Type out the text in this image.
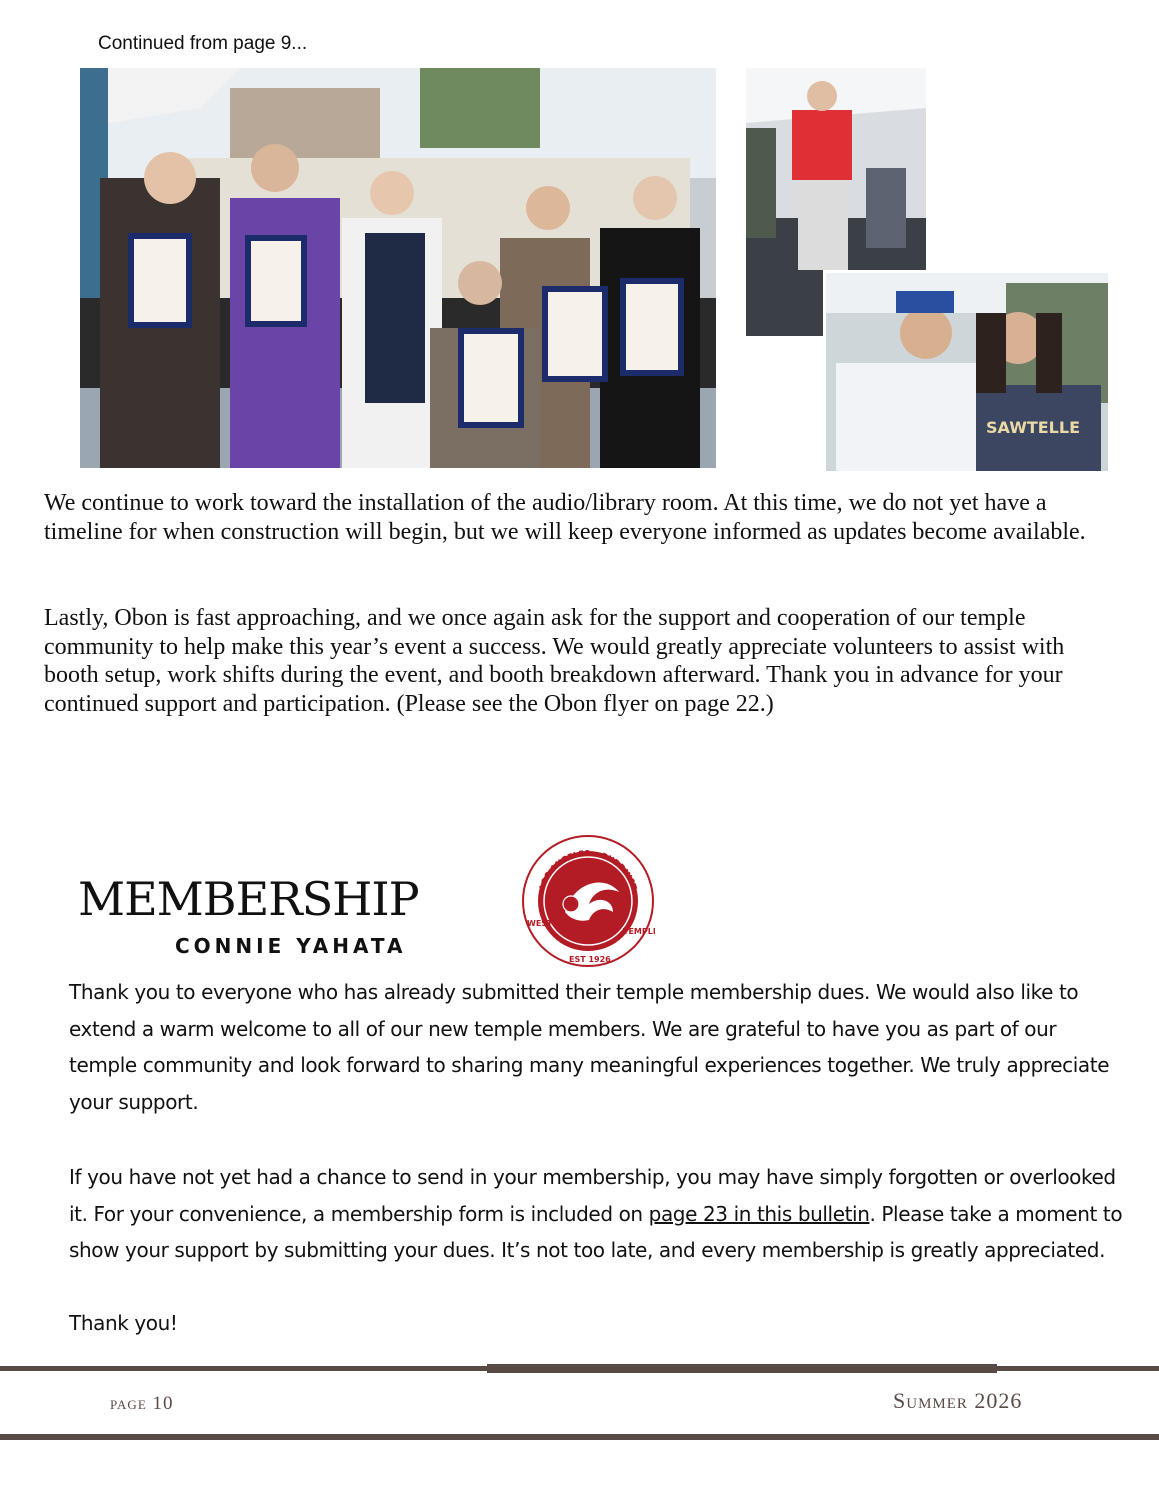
Continued from page 9...
SAWTELLE
We continue to work toward the installation of the audio/library room. At this time, we do not yet have a timeline for when construction will begin, but we will keep everyone informed as updates become available.
Lastly, Obon is fast approaching, and we once again ask for the support and cooperation of our temple community to help make this year’s event a success. We would greatly appreciate volunteers to assist with booth setup, work shifts during the event, and booth breakdown afterward. Thank you in advance for your continued support and participation. (Please see the Obon flyer on page 22.)
MEMBERSHIP
CONNIE YAHATA
LOS ANGELES • BUDDHIST •
WEST •
TEMPLE
EST 1926
Thank you to everyone who has already submitted their temple membership dues. We would also like to extend a warm welcome to all of our new temple members. We are grateful to have you as part of our temple community and look forward to sharing many meaningful experiences together. We truly appreciate your support.
If you have not yet had a chance to send in your membership, you may have simply forgotten or overlooked it. For your convenience, a membership form is included on page 23 in this bulletin. Please take a moment to show your support by submitting your dues. It’s not too late, and every membership is greatly appreciated.
Thank you!
page 10	Summer 2026
